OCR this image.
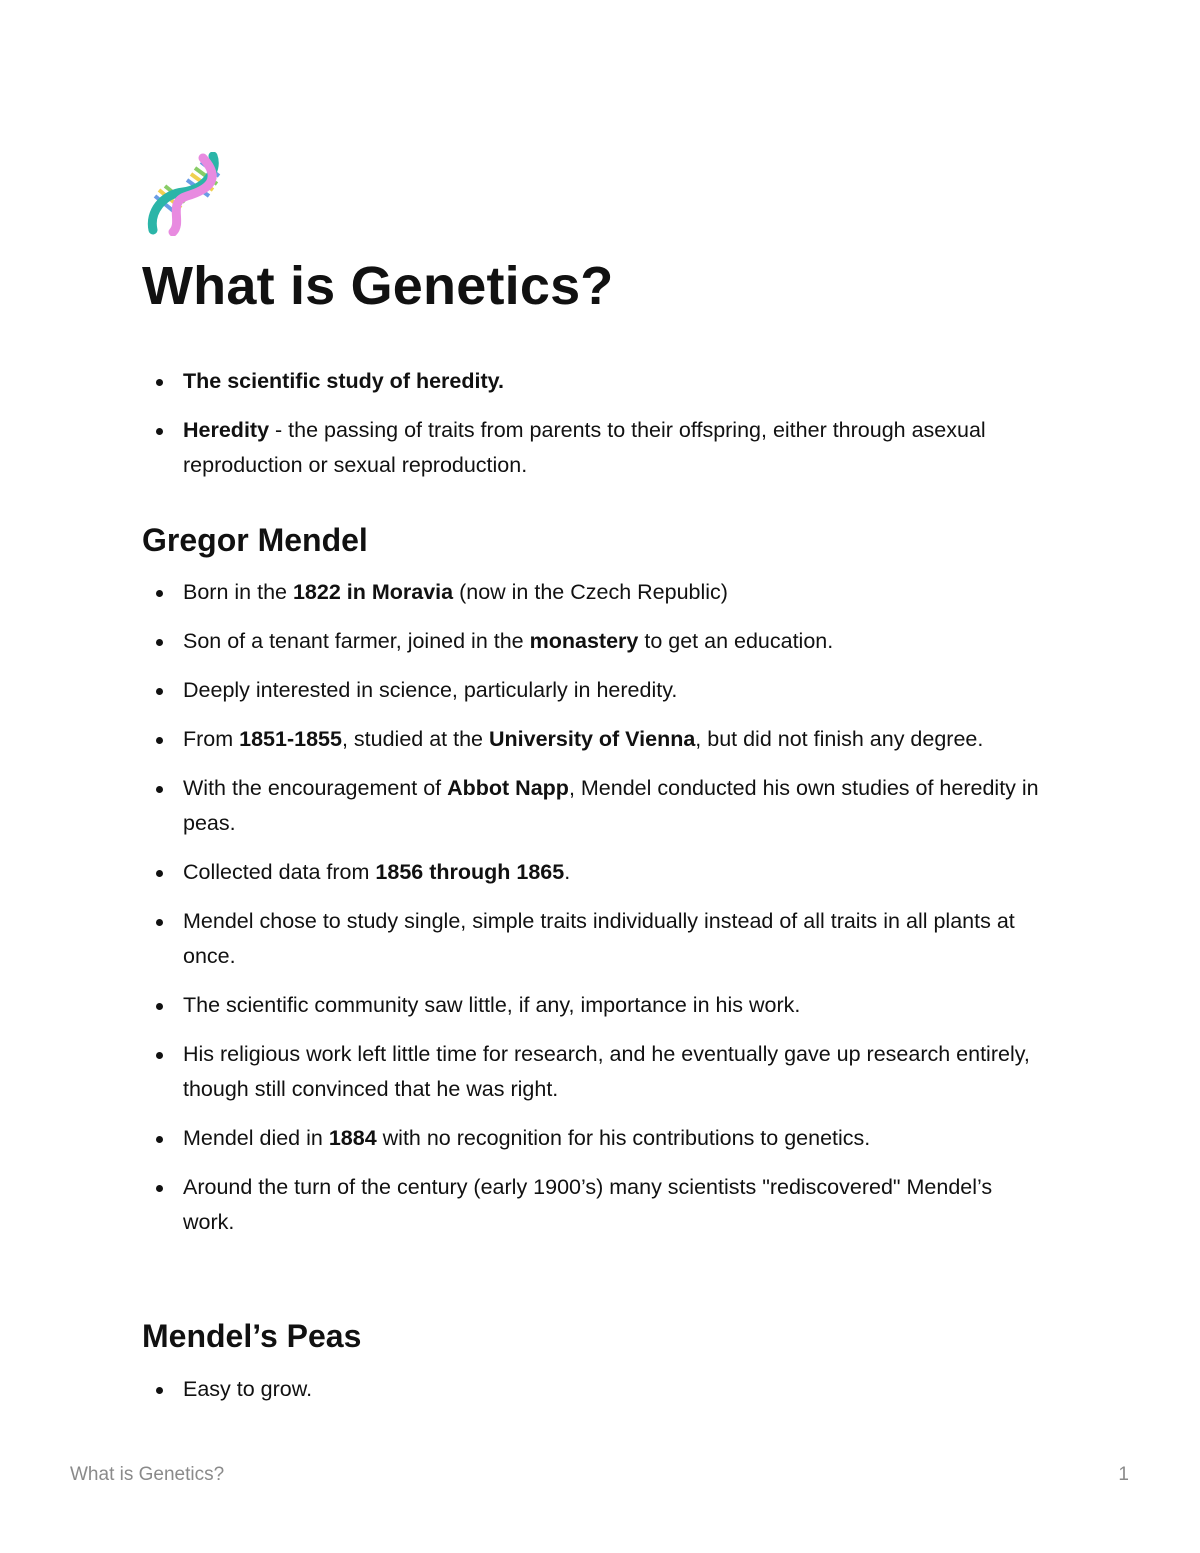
What is Genetics?
The scientific study of heredity.
Heredity - the passing of traits from parents to their offspring, either through asexual reproduction or sexual reproduction.
Gregor Mendel
Born in the 1822 in Moravia (now in the Czech Republic)
Son of a tenant farmer, joined in the monastery to get an education.
Deeply interested in science, particularly in heredity.
From 1851-1855, studied at the University of Vienna, but did not finish any degree.
With the encouragement of Abbot Napp, Mendel conducted his own studies of heredity in peas.
Collected data from 1856 through 1865.
Mendel chose to study single, simple traits individually instead of all traits in all plants at once.
The scientific community saw little, if any, importance in his work.
His religious work left little time for research, and he eventually gave up research entirely, though still convinced that he was right.
Mendel died in 1884 with no recognition for his contributions to genetics.
Around the turn of the century (early 1900’s) many scientists "rediscovered" Mendel’s work.
Mendel’s Peas
Easy to grow.
What is Genetics?	1
